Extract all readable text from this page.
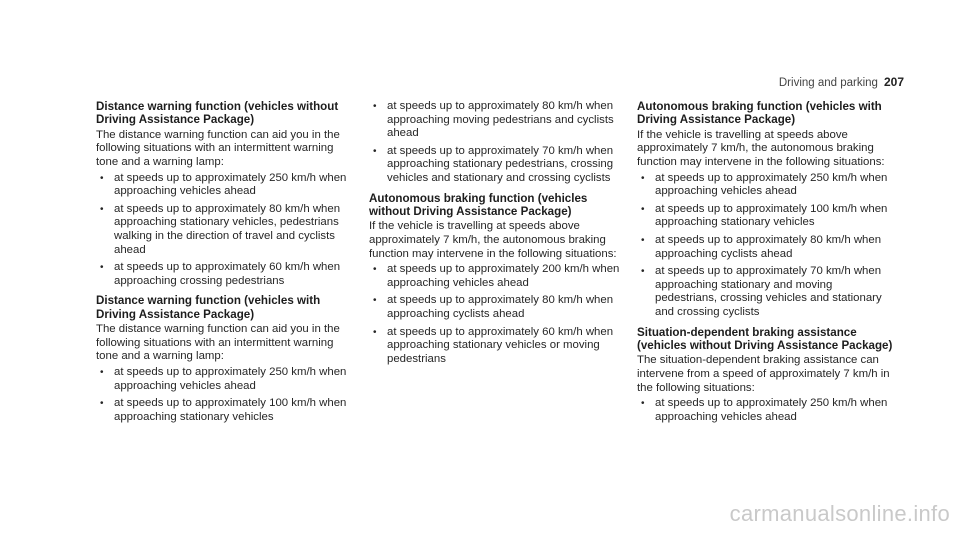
Driving and parking 207

Distance warning function (vehicles without Driving Assistance Package)

The distance warning function can aid you in the following situations with an intermittent warning tone and a warning lamp:

• at speeds up to approximately 250 km/h when approaching vehicles ahead
• at speeds up to approximately 80 km/h when approaching stationary vehicles, pedestrians walking in the direction of travel and cyclists ahead
• at speeds up to approximately 60 km/h when approaching crossing pedestrians

Distance warning function (vehicles with Driving Assistance Package)

The distance warning function can aid you in the following situations with an intermittent warning tone and a warning lamp:

• at speeds up to approximately 250 km/h when approaching vehicles ahead
• at speeds up to approximately 100 km/h when approaching stationary vehicles
• at speeds up to approximately 80 km/h when approaching moving pedestrians and cyclists ahead
• at speeds up to approximately 70 km/h when approaching stationary pedestrians, crossing vehicles and stationary and crossing cyclists

Autonomous braking function (vehicles without Driving Assistance Package)

If the vehicle is travelling at speeds above approximately 7 km/h, the autonomous braking function may intervene in the following situations:

• at speeds up to approximately 200 km/h when approaching vehicles ahead
• at speeds up to approximately 80 km/h when approaching cyclists ahead
• at speeds up to approximately 60 km/h when approaching stationary vehicles or moving pedestrians

Autonomous braking function (vehicles with Driving Assistance Package)

If the vehicle is travelling at speeds above approximately 7 km/h, the autonomous braking function may intervene in the following situations:

• at speeds up to approximately 250 km/h when approaching vehicles ahead
• at speeds up to approximately 100 km/h when approaching stationary vehicles
• at speeds up to approximately 80 km/h when approaching cyclists ahead
• at speeds up to approximately 70 km/h when approaching stationary and moving pedestrians, crossing vehicles and stationary and crossing cyclists

Situation-dependent braking assistance (vehicles without Driving Assistance Package)

The situation-dependent braking assistance can intervene from a speed of approximately 7 km/h in the following situations:

• at speeds up to approximately 250 km/h when approaching vehicles ahead
carmanualsonline.info
